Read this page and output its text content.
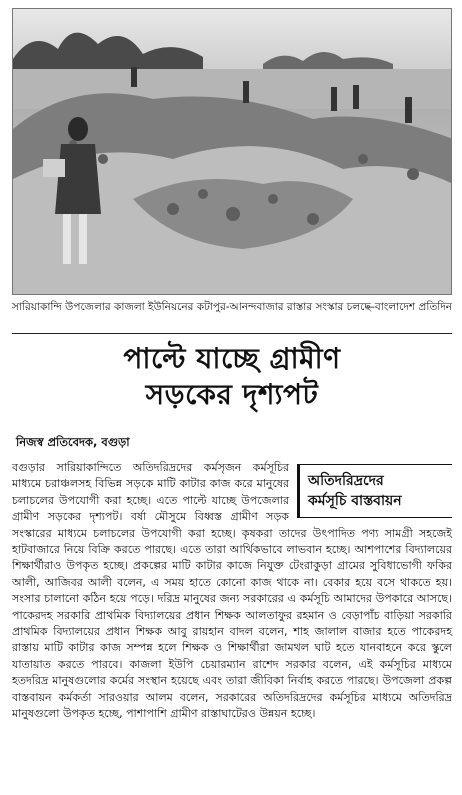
সারিয়াকান্দি উপজেলার কাজলা ইউনিয়নের কটাপুর-আনন্দবাজার রাস্তার সংস্কার চলছে
—বাংলাদেশ প্রতিদিন
পাল্টে যাচ্ছে গ্রামীণ
সড়কের দৃশ্যপট
নিজস্ব প্রতিবেদক, বগুড়া
অতিদরিদ্রদের
কর্মসূচি বাস্তবায়ন
বগুড়ার সারিয়াকান্দিতে অতিদরিদ্রদের কর্মসৃজন কর্মসূচির মাধ্যমে চরাঞ্চলসহ বিভিন্ন সড়কে মাটি কাটার কাজ করে মানুষের চলাচলের উপযোগী করা হচ্ছে। এতে পাল্টে যাচ্ছে উপজেলার গ্রামীণ সড়কের দৃশ্যপট। বর্ষা মৌসুমে বিধ্বস্ত গ্রামীণ সড়ক সংস্কারের মাধ্যমে চলাচলের উপযোগী করা হচ্ছে। কৃষকরা তাদের উৎপাদিত পণ্য সামগ্রী সহজেই হাটবাজারে নিয়ে বিক্রি করতে পারছে। এতে তারা আর্থিকভাবে লাভবান হচ্ছে। আশপাশের বিদ্যালয়ের শিক্ষার্থীরাও উপকৃত হচ্ছে। প্রকল্পের মাটি কাটার কাজে নিযুক্ত টেংরাকুড়া গ্রামের সুবিধাভোগী ফকির আলী, আজিবর আলী বলেন, এ সময় হাতে কোনো কাজ থাকে না। বেকার হয়ে বসে থাকতে হয়। সংসার চালানো কঠিন হয়ে পড়ে। দরিদ্র মানুষের জন্য সরকারের এ কর্মসূচি আমাদের উপকারে আসছে। পাকেরদহ সরকারি প্রাথমিক বিদ্যালয়ের প্রধান শিক্ষক আলতাফুর রহমান ও বেড়াপাঁচ বাড়িয়া সরকারি প্রাথমিক বিদ্যালয়ের প্রধান শিক্ষক আবু রায়হান বাদল বলেন, শাহ জালাল বাজার হতে পাকেরদহ রাস্তায় মাটি কাটার কাজ সম্পন্ন হলে শিক্ষক ও শিক্ষার্থীরা জামথল ঘাট হতে যানবাহনে করে স্কুলে যাতায়াত করতে পারবে। কাজলা ইউপি চেয়ারম্যান রাশেদ সরকার বলেন, এই কর্মসূচির মাধ্যমে হতদরিদ্র মানুষগুলোর কর্মের সংস্থান হয়েছে এবং তারা জীবিকা নির্বাহ করতে পারছে। উপজেলা প্রকল্প বাস্তবায়ন কর্মকর্তা সারওয়ার আলম বলেন, সরকারের অতিদরিদ্রদের কর্মসূচির মাধ্যমে অতিদরিদ্র মানুষগুলো উপকৃত হচ্ছে, পাশাপাশি গ্রামীণ রাস্তাঘাটেরও উন্নয়ন হচ্ছে।
